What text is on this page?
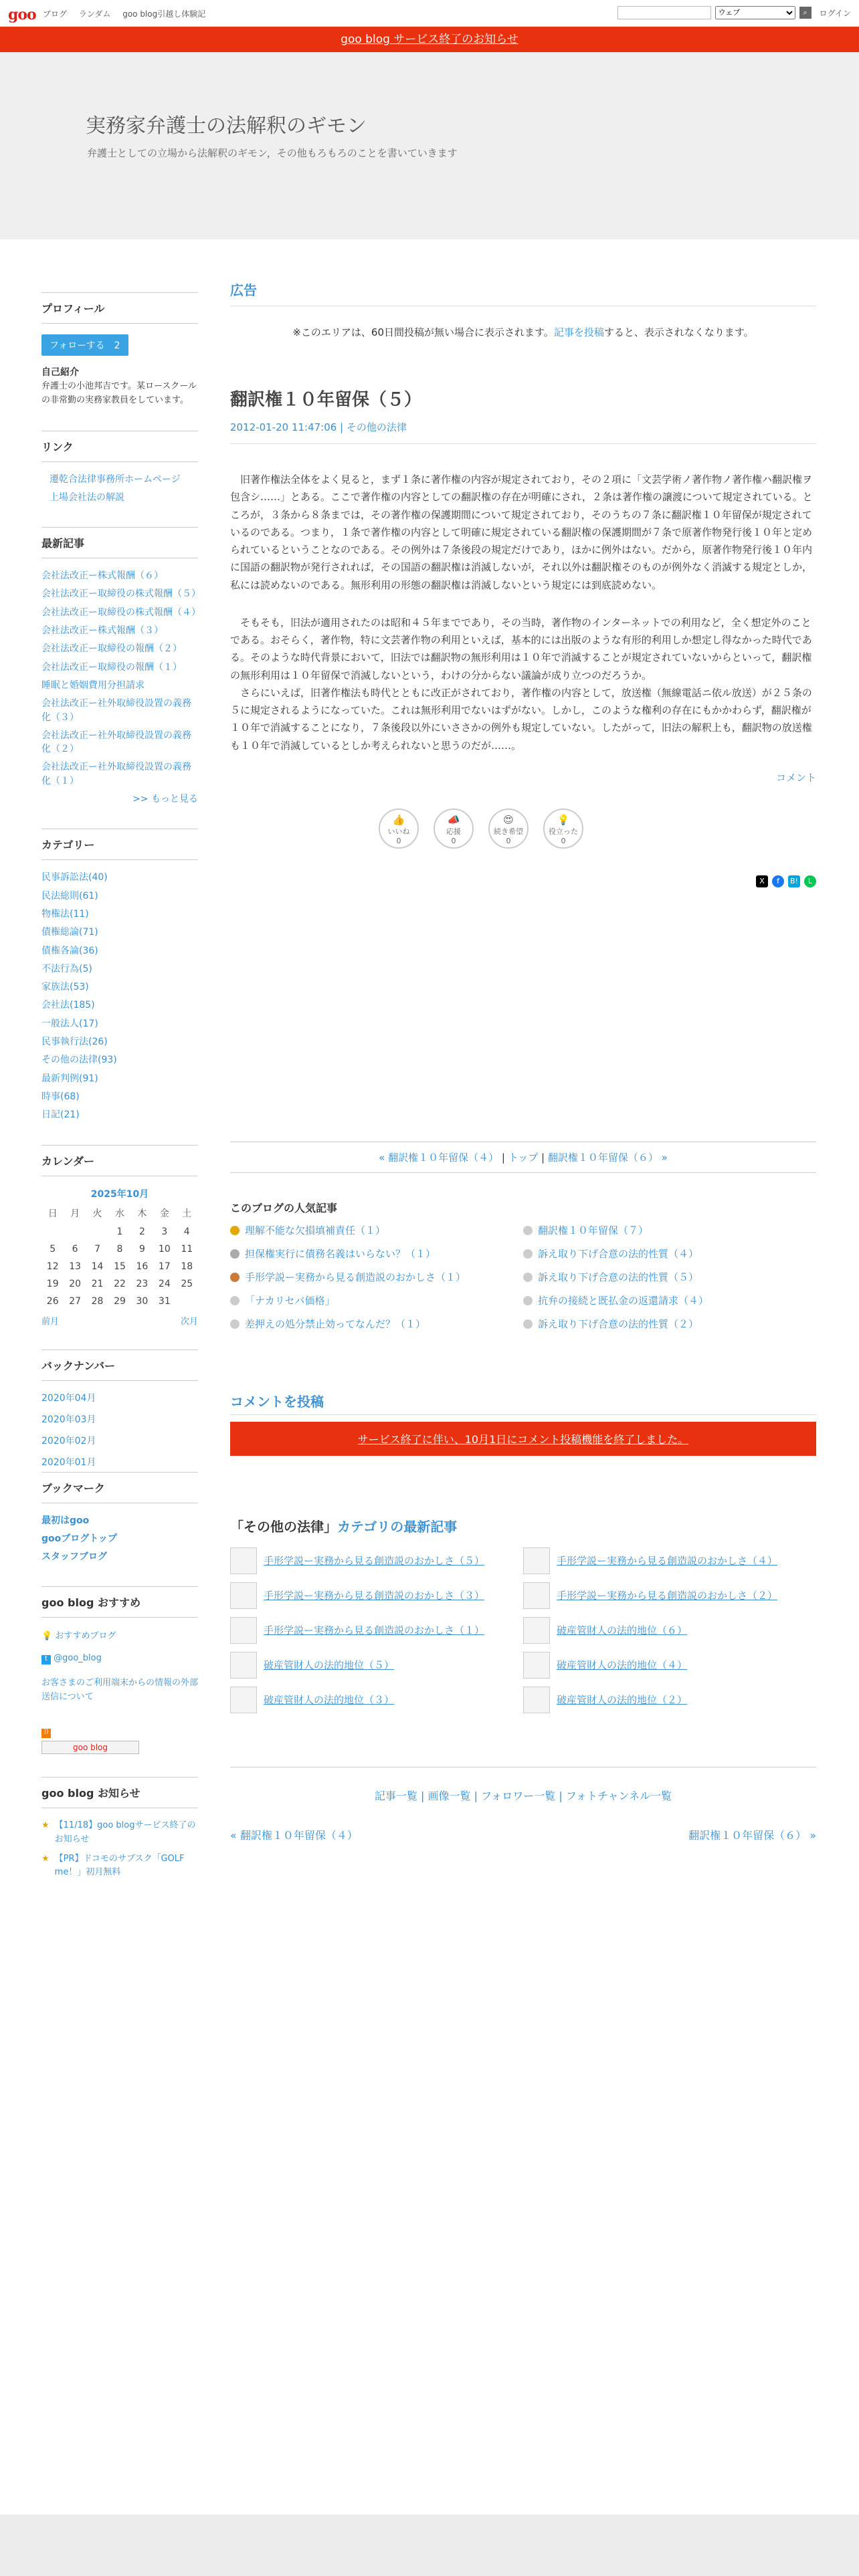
goo ブログ ランダム goo blog引越し体験記
ウェブ	⌕	ログイン
goo blog サービス終了のお知らせ
実務家弁護士の法解釈のギモン
弁護士としての立場から法解釈のギモン，その他もろもろのことを書いていきます
プロフィール
フォローする　2
自己紹介
弁護士の小池邦吉です。某ロースクールの非常勤の実務家教員をしています。
リンク
遷乾合法律事務所ホームページ
上場会社法の解説
最新記事
会社法改正ー株式報酬（６）
会社法改正ー取締役の株式報酬（５）
会社法改正ー取締役の株式報酬（４）
会社法改正ー株式報酬（３）
会社法改正ー取締役の報酬（２）
会社法改正ー取締役の報酬（１）
睡眠と婚姻費用分担請求
会社法改正ー社外取締役設置の義務化（３）
会社法改正ー社外取締役設置の義務化（２）
会社法改正ー社外取締役設置の義務化（１）
>> もっと見る
カテゴリー
民事訴訟法(40)
民法総則(61)
物権法(11)
債権総論(71)
債権各論(36)
不法行為(5)
家族法(53)
会社法(185)
一般法人(17)
民事執行法(26)
その他の法律(93)
最新判例(91)
時事(68)
日記(21)
カレンダー
2025年10月
日	月	火	水	木	金	土
			1	2	3	4
5	6	7	8	9	10	11
12	13	14	15	16	17	18
19	20	21	22	23	24	25
26	27	28	29	30	31	
前月	次月
バックナンバー
2020年04月
2020年03月
2020年02月
2020年01月
ブックマーク
最初はgoo
gooブログトップ
スタッフブログ
goo blog おすすめ
💡 おすすめブログ
t @goo_blog
お客さまのご利用端末からの情報の外部送信について
))
goo blog
goo blog お知らせ
★ 【11/18】goo blogサービス終了のお知らせ
★ 【PR】ドコモのサブスク「GOLF me！」初月無料
広告
※このエリアは、60日間投稿が無い場合に表示されます。記事を投稿すると、表示されなくなります。
翻訳権１０年留保（５）
2012-01-20 11:47:06 | その他の法律

　旧著作権法全体をよく見ると，まず１条に著作権の内容が規定されており，その２項に「文芸学術ノ著作物ノ著作権ハ翻訳権ヲ包含シ……」とある。ここで著作権の内容としての翻訳権の存在が明確にされ，２条は著作権の譲渡について規定されている。ところが，３条から８条までは，その著作権の保護期間について規定されており，そのうちの７条に翻訳権１０年留保が規定されているのである。つまり，１条で著作権の内容として明確に規定されている翻訳権の保護期間が７条で原著作物発行後１０年と定められているということなのである。その例外は７条後段の規定だけであり，ほかに例外はない。だから，原著作物発行後１０年内に国語の翻訳物が発行されれば，その国語の翻訳権は消滅しないが，それ以外は翻訳権そのものが例外なく消滅する規定としか，私には読めないのである。無形利用の形態の翻訳権は消滅しないという規定には到底読めない。

　そもそも，旧法が適用されたのは昭和４５年までであり，その当時，著作物のインターネットでの利用など，全く想定外のことである。おそらく，著作物，特に文芸著作物の利用といえば，基本的には出版のような有形的利用しか想定し得なかった時代である。そのような時代背景において，旧法では翻訳物の無形利用は１０年で消滅することが規定されていないからといって，翻訳権の無形利用は１０年留保で消滅しないという，わけの分からない議論が成り立つのだろうか。
　さらにいえば，旧著作権法も時代とともに改正がされており，著作権の内容として，放送権（無線電話ニ依ル放送）が２５条の５に規定されるようになっていた。これは無形利用でないはずがない。しかし，このような権利の存在にもかかわらず，翻訳権が１０年で消滅することになり，７条後段以外にいささかの例外も規定していない。したがって，旧法の解釈上も，翻訳物の放送権も１０年で消滅しているとしか考えられないと思うのだが……。

コメント
👍
いいね
0
📣
応援
0
😍
続き希望
0
💡
役立った
0
X	f	B!	L
« 翻訳権１０年留保（４） | トップ | 翻訳権１０年留保（６） »
このブログの人気記事
理解不能な欠損填補責任（１）	翻訳権１０年留保（７）
担保権実行に債務名義はいらない？（１）	訴え取り下げ合意の法的性質（４）
手形学説ー実務から見る創造説のおかしさ（１）	訴え取り下げ合意の法的性質（５）
「ナカリセバ価格」	抗弁の接続と既払金の返還請求（４）
差押えの処分禁止効ってなんだ？（１）	訴え取り下げ合意の法的性質（２）
コメントを投稿
サービス終了に伴い、10月1日にコメント投稿機能を終了しました。
「その他の法律」カテゴリの最新記事
手形学説ー実務から見る創造説のおかしさ（５）	手形学説ー実務から見る創造説のおかしさ（４）
手形学説ー実務から見る創造説のおかしさ（３）	手形学説ー実務から見る創造説のおかしさ（２）
手形学説ー実務から見る創造説のおかしさ（１）	破産管財人の法的地位（６）
破産管財人の法的地位（５）	破産管財人の法的地位（４）
破産管財人の法的地位（３）	破産管財人の法的地位（２）
記事一覧 | 画像一覧 | フォロワー一覧 | フォトチャンネル一覧
« 翻訳権１０年留保（４）	翻訳権１０年留保（６） »
